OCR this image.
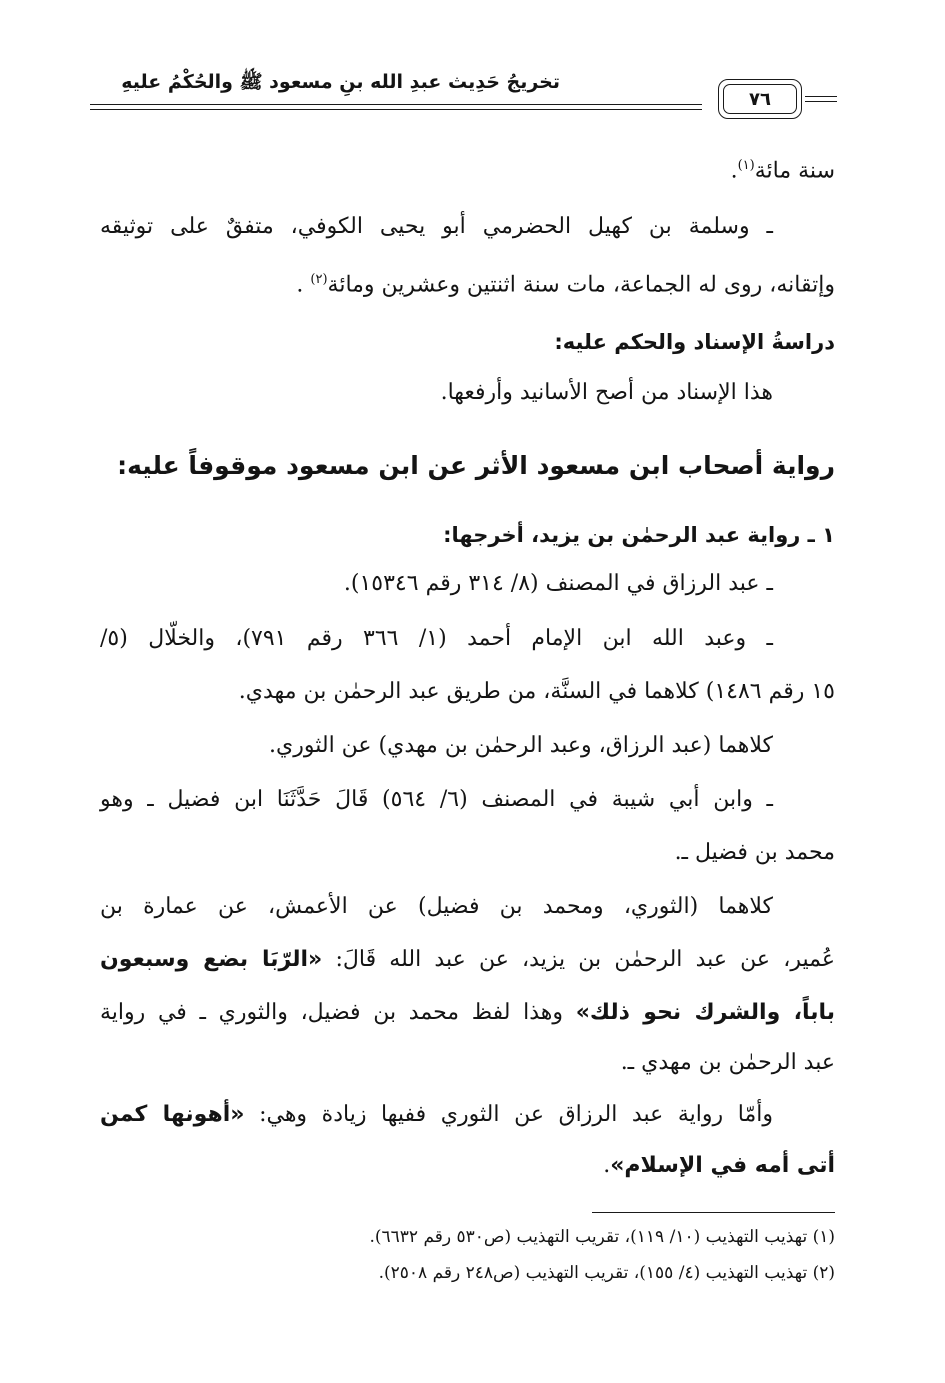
تخريجُ حَدِيث عبدِ الله بنِ مسعود ﷺ والحُكْمُ عليهِ
٧٦
سنة مائة$^{(١)}$.
ـ وسلمة بن كهيل الحضرمي أبو يحيى الكوفي، متفقٌ على توثيقه
وإتقانه، روى له الجماعة، مات سنة اثنتين وعشرين ومائة$^{(٢)}$ .
دراسةُ الإسناد والحكم عليه:
هذا الإسناد من أصح الأسانيد وأرفعها.
رواية أصحاب ابن مسعود الأثر عن ابن مسعود موقوفاً عليه:
١ ـ رواية عبد الرحمٰن بن يزيد، أخرجها:
ـ عبد الرزاق في المصنف (٨/ ٣١٤ رقم ١٥٣٤٦).
ـ وعبد الله ابن الإمام أحمد (١/ ٣٦٦ رقم ٧٩١)، والخلّال (٥/
١٥ رقم ١٤٨٦) كلاهما في السنَّة، من طريق عبد الرحمٰن بن مهدي.
كلاهما (عبد الرزاق، وعبد الرحمٰن بن مهدي) عن الثوري.
ـ وابن أبي شيبة في المصنف (٦/ ٥٦٤) قَالَ حَدَّثَنَا ابن فضيل ـ وهو
محمد بن فضيل ـ.
كلاهما (الثوري، ومحمد بن فضيل) عن الأعمش، عن عمارة بن
عُمير، عن عبد الرحمٰن بن يزيد، عن عبد الله قَالَ: «الرّبَا بضع وسبعون
باباً، والشرك نحو ذلك» وهذا لفظ محمد بن فضيل، والثوري ـ في رواية
عبد الرحمٰن بن مهدي ـ.
وأمّا رواية عبد الرزاق عن الثوري ففيها زيادة وهي: «أهونها كمن
أتى أمه في الإسلام».
(١) تهذيب التهذيب (١٠/ ١١٩)، تقريب التهذيب (ص٥٣٠ رقم ٦٦٣٢).
(٢) تهذيب التهذيب (٤/ ١٥٥)، تقريب التهذيب (ص٢٤٨ رقم ٢٥٠٨).
